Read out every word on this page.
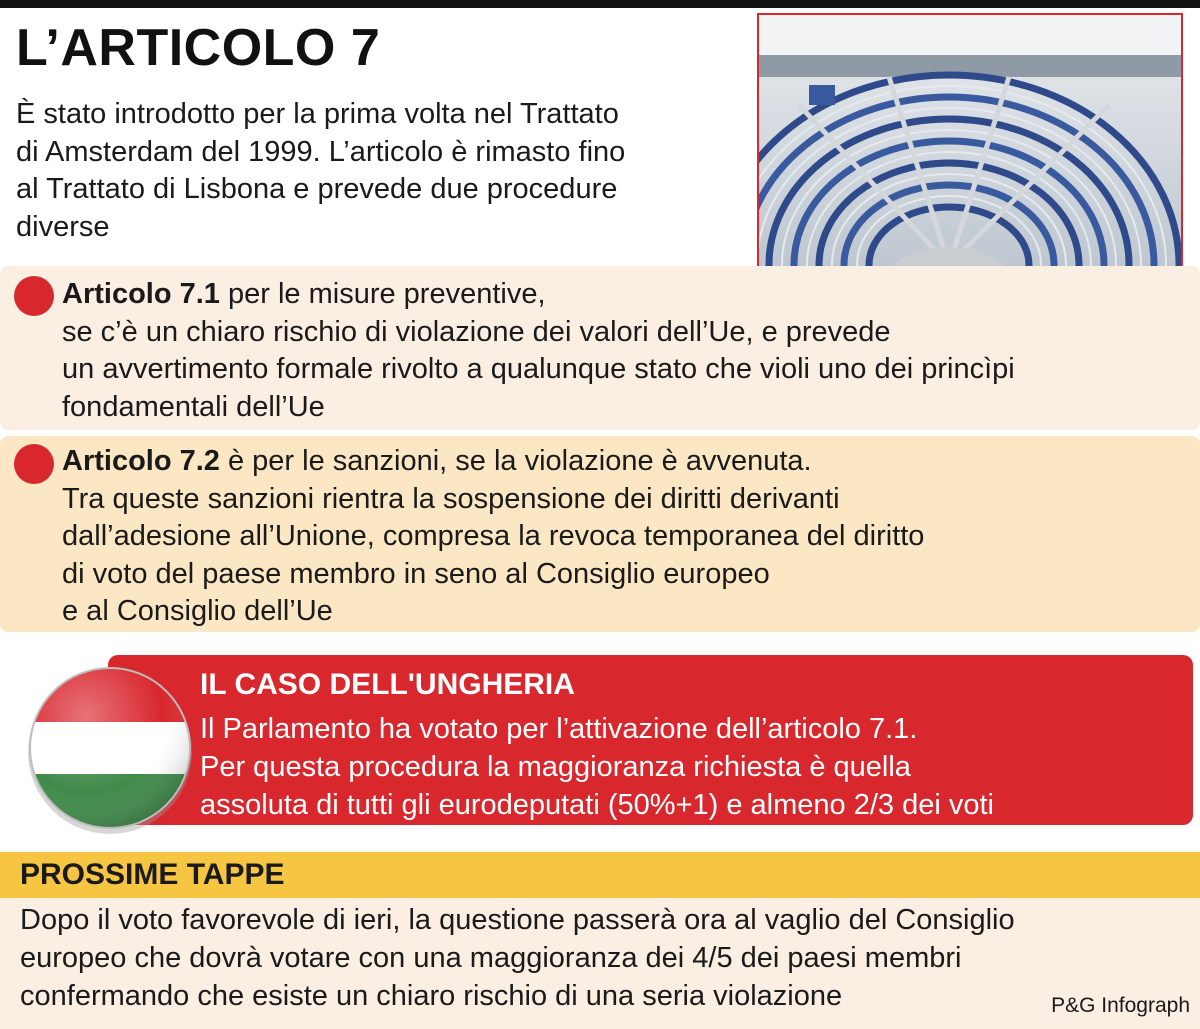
L’ARTICOLO 7
È stato introdotto per la prima volta nel Trattato
di Amsterdam del 1999. L’articolo è rimasto fino
al Trattato di Lisbona e prevede due procedure
diverse
Articolo 7.1 per le misure preventive,
se c’è un chiaro rischio di violazione dei valori dell’Ue, e prevede
un avvertimento formale rivolto a qualunque stato che violi uno dei princìpi
fondamentali dell’Ue
Articolo 7.2 è per le sanzioni, se la violazione è avvenuta.
Tra queste sanzioni rientra la sospensione dei diritti derivanti
dall’adesione all’Unione, compresa la revoca temporanea del diritto
di voto del paese membro in seno al Consiglio europeo
e al Consiglio dell’Ue
IL CASO DELL'UNGHERIA
Il Parlamento ha votato per l’attivazione dell’articolo 7.1.
Per questa procedura la maggioranza richiesta è quella
assoluta di tutti gli eurodeputati (50%+1) e almeno 2/3 dei voti
PROSSIME TAPPE
Dopo il voto favorevole di ieri, la questione passerà ora al vaglio del Consiglio
europeo che dovrà votare con una maggioranza dei 4/5 dei paesi membri
confermando che esiste un chiaro rischio di una seria violazione	P&G Infograph
